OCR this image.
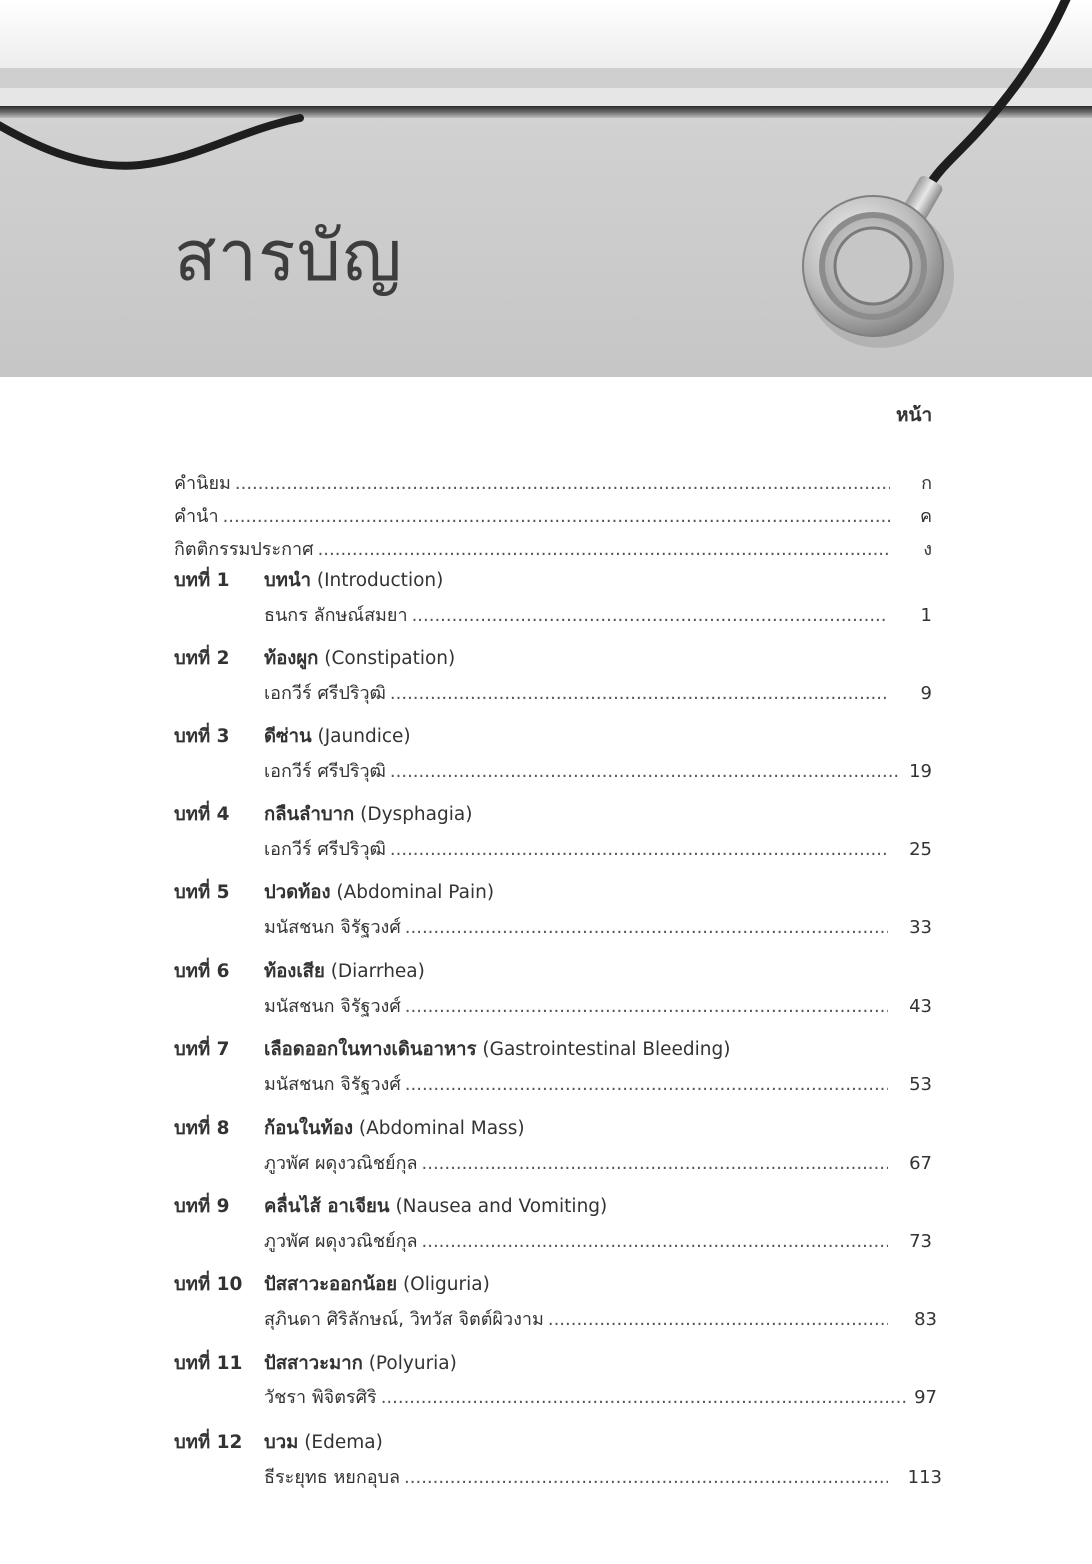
สารบัญ
หน้า
คำนิยม .....	ก
คำนำ .....	ค
กิตติกรรมประกาศ .....	ง
บทที่ 1 บทนำ (Introduction)
ธนกร ลักษณ์สมยา .....	1
บทที่ 2 ท้องผูก (Constipation)
เอกวีร์ ศรีปริวุฒิ .....	9
บทที่ 3 ดีซ่าน (Jaundice)
เอกวีร์ ศรีปริวุฒิ .....	19
บทที่ 4 กลืนลำบาก (Dysphagia)
เอกวีร์ ศรีปริวุฒิ .....	25
บทที่ 5 ปวดท้อง (Abdominal Pain)
มนัสชนก จิรัฐวงศ์ .....	33
บทที่ 6 ท้องเสีย (Diarrhea)
มนัสชนก จิรัฐวงศ์ .....	43
บทที่ 7 เลือดออกในทางเดินอาหาร (Gastrointestinal Bleeding)
มนัสชนก จิรัฐวงศ์ .....	53
บทที่ 8 ก้อนในท้อง (Abdominal Mass)
ภูวพัศ ผดุงวณิชย์กุล .....	67
บทที่ 9 คลื่นไส้ อาเจียน (Nausea and Vomiting)
ภูวพัศ ผดุงวณิชย์กุล .....	73
บทที่ 10 ปัสสาวะออกน้อย (Oliguria)
สุภินดา ศิริลักษณ์, วิทวัส จิตต์ผิวงาม .....	83
บทที่ 11 ปัสสาวะมาก (Polyuria)
วัชรา พิจิตรศิริ .....	97
บทที่ 12 บวม (Edema)
ธีระยุทธ หยกอุบล .....	113
